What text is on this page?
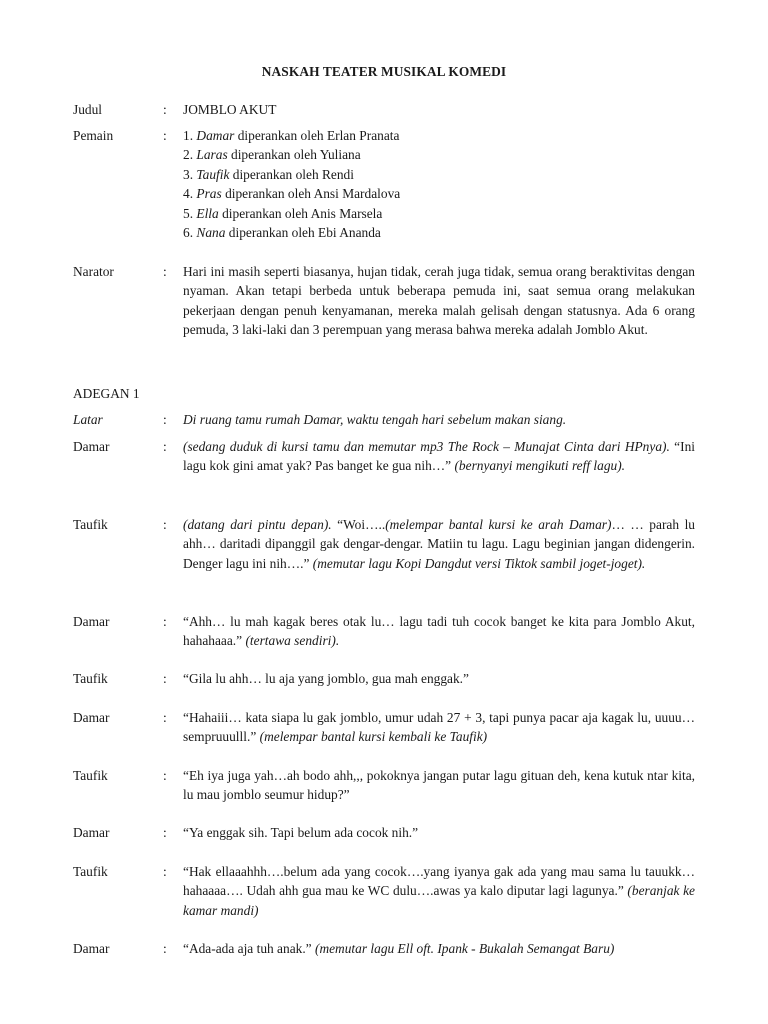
NASKAH TEATER MUSIKAL KOMEDI
Judul	: JOMBLO AKUT
Pemain	: 1. Damar diperankan oleh Erlan Pranata
2. Laras diperankan oleh Yuliana
3. Taufik diperankan oleh Rendi
4. Pras diperankan oleh Ansi Mardalova
5. Ella diperankan oleh Anis Marsela
6. Nana diperankan oleh Ebi Ananda
Narator	: Hari ini masih seperti biasanya, hujan tidak, cerah juga tidak, semua orang beraktivitas dengan nyaman. Akan tetapi berbeda untuk beberapa pemuda ini, saat semua orang melakukan pekerjaan dengan penuh kenyamanan, mereka malah gelisah dengan statusnya. Ada 6 orang pemuda, 3 laki-laki dan 3 perempuan yang merasa bahwa mereka adalah Jomblo Akut.
ADEGAN 1
Latar	: Di ruang tamu rumah Damar, waktu tengah hari sebelum makan siang.
Damar	: (sedang duduk di kursi tamu dan memutar mp3 The Rock – Munajat Cinta dari HPnya). “Ini lagu kok gini amat yak? Pas banget ke gua nih…” (bernyanyi mengikuti reff lagu).
Taufik	: (datang dari pintu depan). “Woi…..(melempar bantal kursi ke arah Damar)… … parah lu ahh… daritadi dipanggil gak dengar-dengar. Matiin tu lagu. Lagu beginian jangan didengerin. Denger lagu ini nih….” (memutar lagu Kopi Dangdut versi Tiktok sambil joget-joget).
Damar	: “Ahh… lu mah kagak beres otak lu… lagu tadi tuh cocok banget ke kita para Jomblo Akut, hahahaaa.” (tertawa sendiri).
Taufik	: “Gila lu ahh… lu aja yang jomblo, gua mah enggak.”
Damar	: “Hahaiii… kata siapa lu gak jomblo, umur udah 27 + 3, tapi punya pacar aja kagak lu, uuuu…sempruuulll.” (melempar bantal kursi kembali ke Taufik)
Taufik	: “Eh iya juga yah…ah bodo ahh,,, pokoknya jangan putar lagu gituan deh, kena kutuk ntar kita, lu mau jomblo seumur hidup?”
Damar	: “Ya enggak sih. Tapi belum ada cocok nih.”
Taufik	: “Hak ellaaahhh….belum ada yang cocok….yang iyanya gak ada yang mau sama lu tauukk… hahaaaa…. Udah ahh gua mau ke WC dulu….awas ya kalo diputar lagi lagunya.” (beranjak ke kamar mandi)
Damar	: “Ada-ada aja tuh anak.” (memutar lagu Ell oft. Ipank - Bukalah Semangat Baru)
